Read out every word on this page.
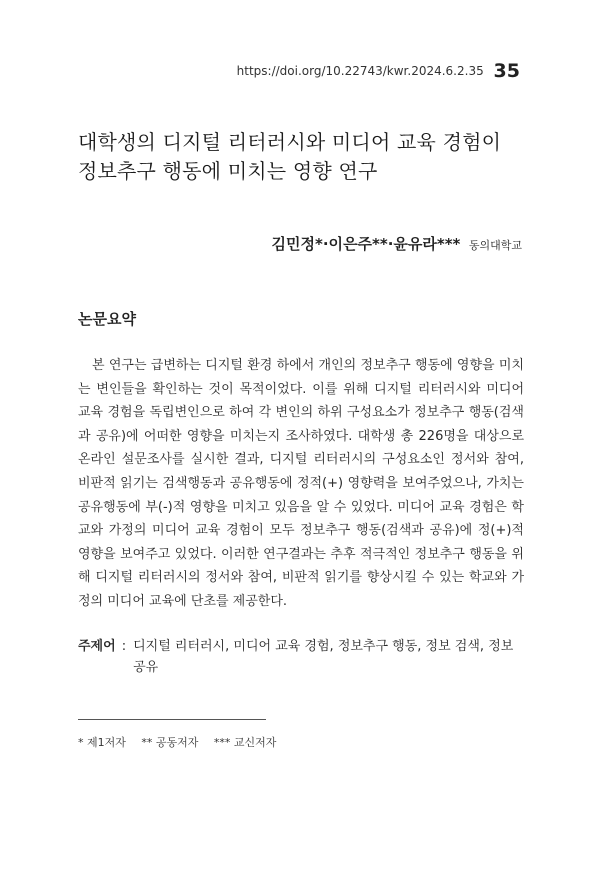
https://doi.org/10.22743/kwr.2024.6.2.35 35
대학생의 디지털 리터러시와 미디어 교육 경험이
정보추구 행동에 미치는 영향 연구
김민정*·이은주**·윤유라*** 동의대학교
논문요약
본 연구는 급변하는 디지털 환경 하에서 개인의 정보추구 행동에 영향을 미치는 변인들을 확인하는 것이 목적이었다. 이를 위해 디지털 리터러시와 미디어 교육 경험을 독립변인으로 하여 각 변인의 하위 구성요소가 정보추구 행동(검색과 공유)에 어떠한 영향을 미치는지 조사하였다. 대학생 총 226명을 대상으로 온라인 설문조사를 실시한 결과, 디지털 리터러시의 구성요소인 정서와 참여, 비판적 읽기는 검색행동과 공유행동에 정적(+) 영향력을 보여주었으나, 가치는 공유행동에 부(-)적 영향을 미치고 있음을 알 수 있었다. 미디어 교육 경험은 학교와 가정의 미디어 교육 경험이 모두 정보추구 행동(검색과 공유)에 정(+)적 영향을 보여주고 있었다. 이러한 연구결과는 추후 적극적인 정보추구 행동을 위해 디지털 리터러시의 정서와 참여, 비판적 읽기를 향상시킬 수 있는 학교와 가정의 미디어 교육에 단초를 제공한다.
주제어 : 디지털 리터러시, 미디어 교육 경험, 정보추구 행동, 정보 검색, 정보 공유
* 제1저자 ** 공동저자 *** 교신저자
